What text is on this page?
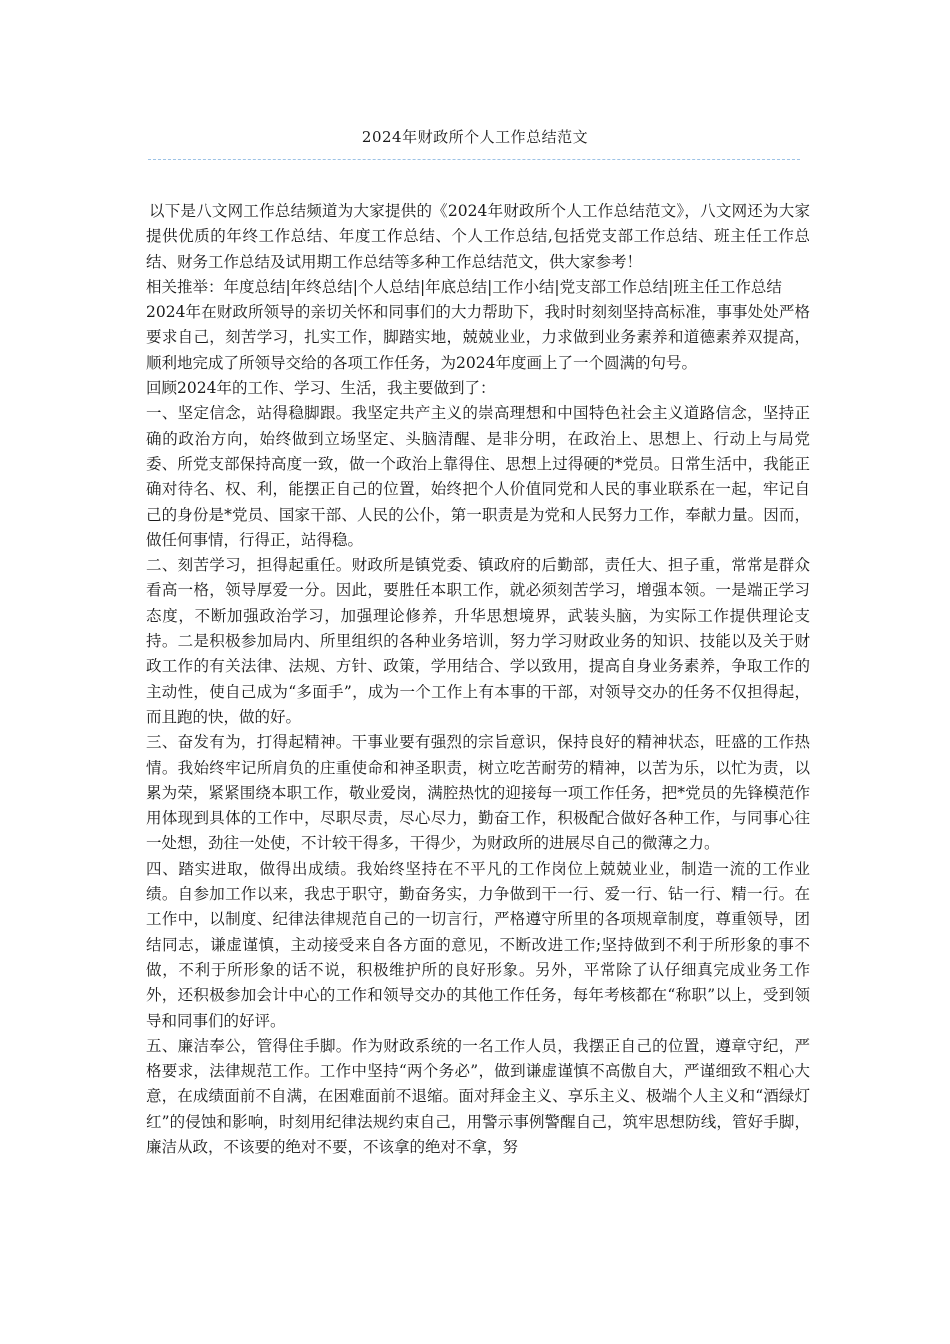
2024年财政所个人工作总结范文

以下是八文网工作总结频道为大家提供的《2024年财政所个人工作总结范文》，八文网还为大家提供优质的年终工作总结、年度工作总结、个人工作总结,包括党支部工作总结、班主任工作总结、财务工作总结及试用期工作总结等多种工作总结范文，供大家参考！

相关推举：年度总结|年终总结|个人总结|年底总结|工作小结|党支部工作总结|班主任工作总结

2024年在财政所领导的亲切关怀和同事们的大力帮助下，我时时刻刻坚持高标准，事事处处严格要求自己，刻苦学习，扎实工作，脚踏实地，兢兢业业，力求做到业务素养和道德素养双提高，顺利地完成了所领导交给的各项工作任务，为2024年度画上了一个圆满的句号。

回顾2024年的工作、学习、生活，我主要做到了：

一、坚定信念，站得稳脚跟。我坚定共产主义的崇高理想和中国特色社会主义道路信念，坚持正确的政治方向，始终做到立场坚定、头脑清醒、是非分明，在政治上、思想上、行动上与局党委、所党支部保持高度一致，做一个政治上靠得住、思想上过得硬的*党员。日常生活中，我能正确对待名、权、利，能摆正自己的位置，始终把个人价值同党和人民的事业联系在一起，牢记自己的身份是*党员、国家干部、人民的公仆，第一职责是为党和人民努力工作，奉献力量。因而，做任何事情，行得正，站得稳。

二、刻苦学习，担得起重任。财政所是镇党委、镇政府的后勤部，责任大、担子重，常常是群众看高一格，领导厚爱一分。因此，要胜任本职工作，就必须刻苦学习，增强本领。一是端正学习态度，不断加强政治学习，加强理论修养，升华思想境界，武装头脑，为实际工作提供理论支持。二是积极参加局内、所里组织的各种业务培训，努力学习财政业务的知识、技能以及关于财政工作的有关法律、法规、方针、政策，学用结合、学以致用，提高自身业务素养，争取工作的主动性，使自己成为“多面手”，成为一个工作上有本事的干部，对领导交办的任务不仅担得起，而且跑的快，做的好。

三、奋发有为，打得起精神。干事业要有强烈的宗旨意识，保持良好的精神状态，旺盛的工作热情。我始终牢记所肩负的庄重使命和神圣职责，树立吃苦耐劳的精神，以苦为乐，以忙为责，以累为荣，紧紧围绕本职工作，敬业爱岗，满腔热忱的迎接每一项工作任务，把*党员的先锋模范作用体现到具体的工作中，尽职尽责，尽心尽力，勤奋工作，积极配合做好各种工作，与同事心往一处想，劲往一处使，不计较干得多，干得少，为财政所的进展尽自己的微薄之力。

四、踏实进取，做得出成绩。我始终坚持在不平凡的工作岗位上兢兢业业，制造一流的工作业绩。自参加工作以来，我忠于职守，勤奋务实，力争做到干一行、爱一行、钻一行、精一行。在工作中，以制度、纪律法律规范自己的一切言行，严格遵守所里的各项规章制度，尊重领导，团结同志，谦虚谨慎，主动接受来自各方面的意见，不断改进工作;坚持做到不利于所形象的事不做，不利于所形象的话不说，积极维护所的良好形象。另外，平常除了认仔细真完成业务工作外，还积极参加会计中心的工作和领导交办的其他工作任务，每年考核都在“称职”以上，受到领导和同事们的好评。

五、廉洁奉公，管得住手脚。作为财政系统的一名工作人员，我摆正自己的位置，遵章守纪，严格要求，法律规范工作。工作中坚持“两个务必”，做到谦虚谨慎不高傲自大，严谨细致不粗心大意，在成绩面前不自满，在困难面前不退缩。面对拜金主义、享乐主义、极端个人主义和“酒绿灯红”的侵蚀和影响，时刻用纪律法规约束自己，用警示事例警醒自己，筑牢思想防线，管好手脚，廉洁从政，不该要的绝对不要，不该拿的绝对不拿，努
